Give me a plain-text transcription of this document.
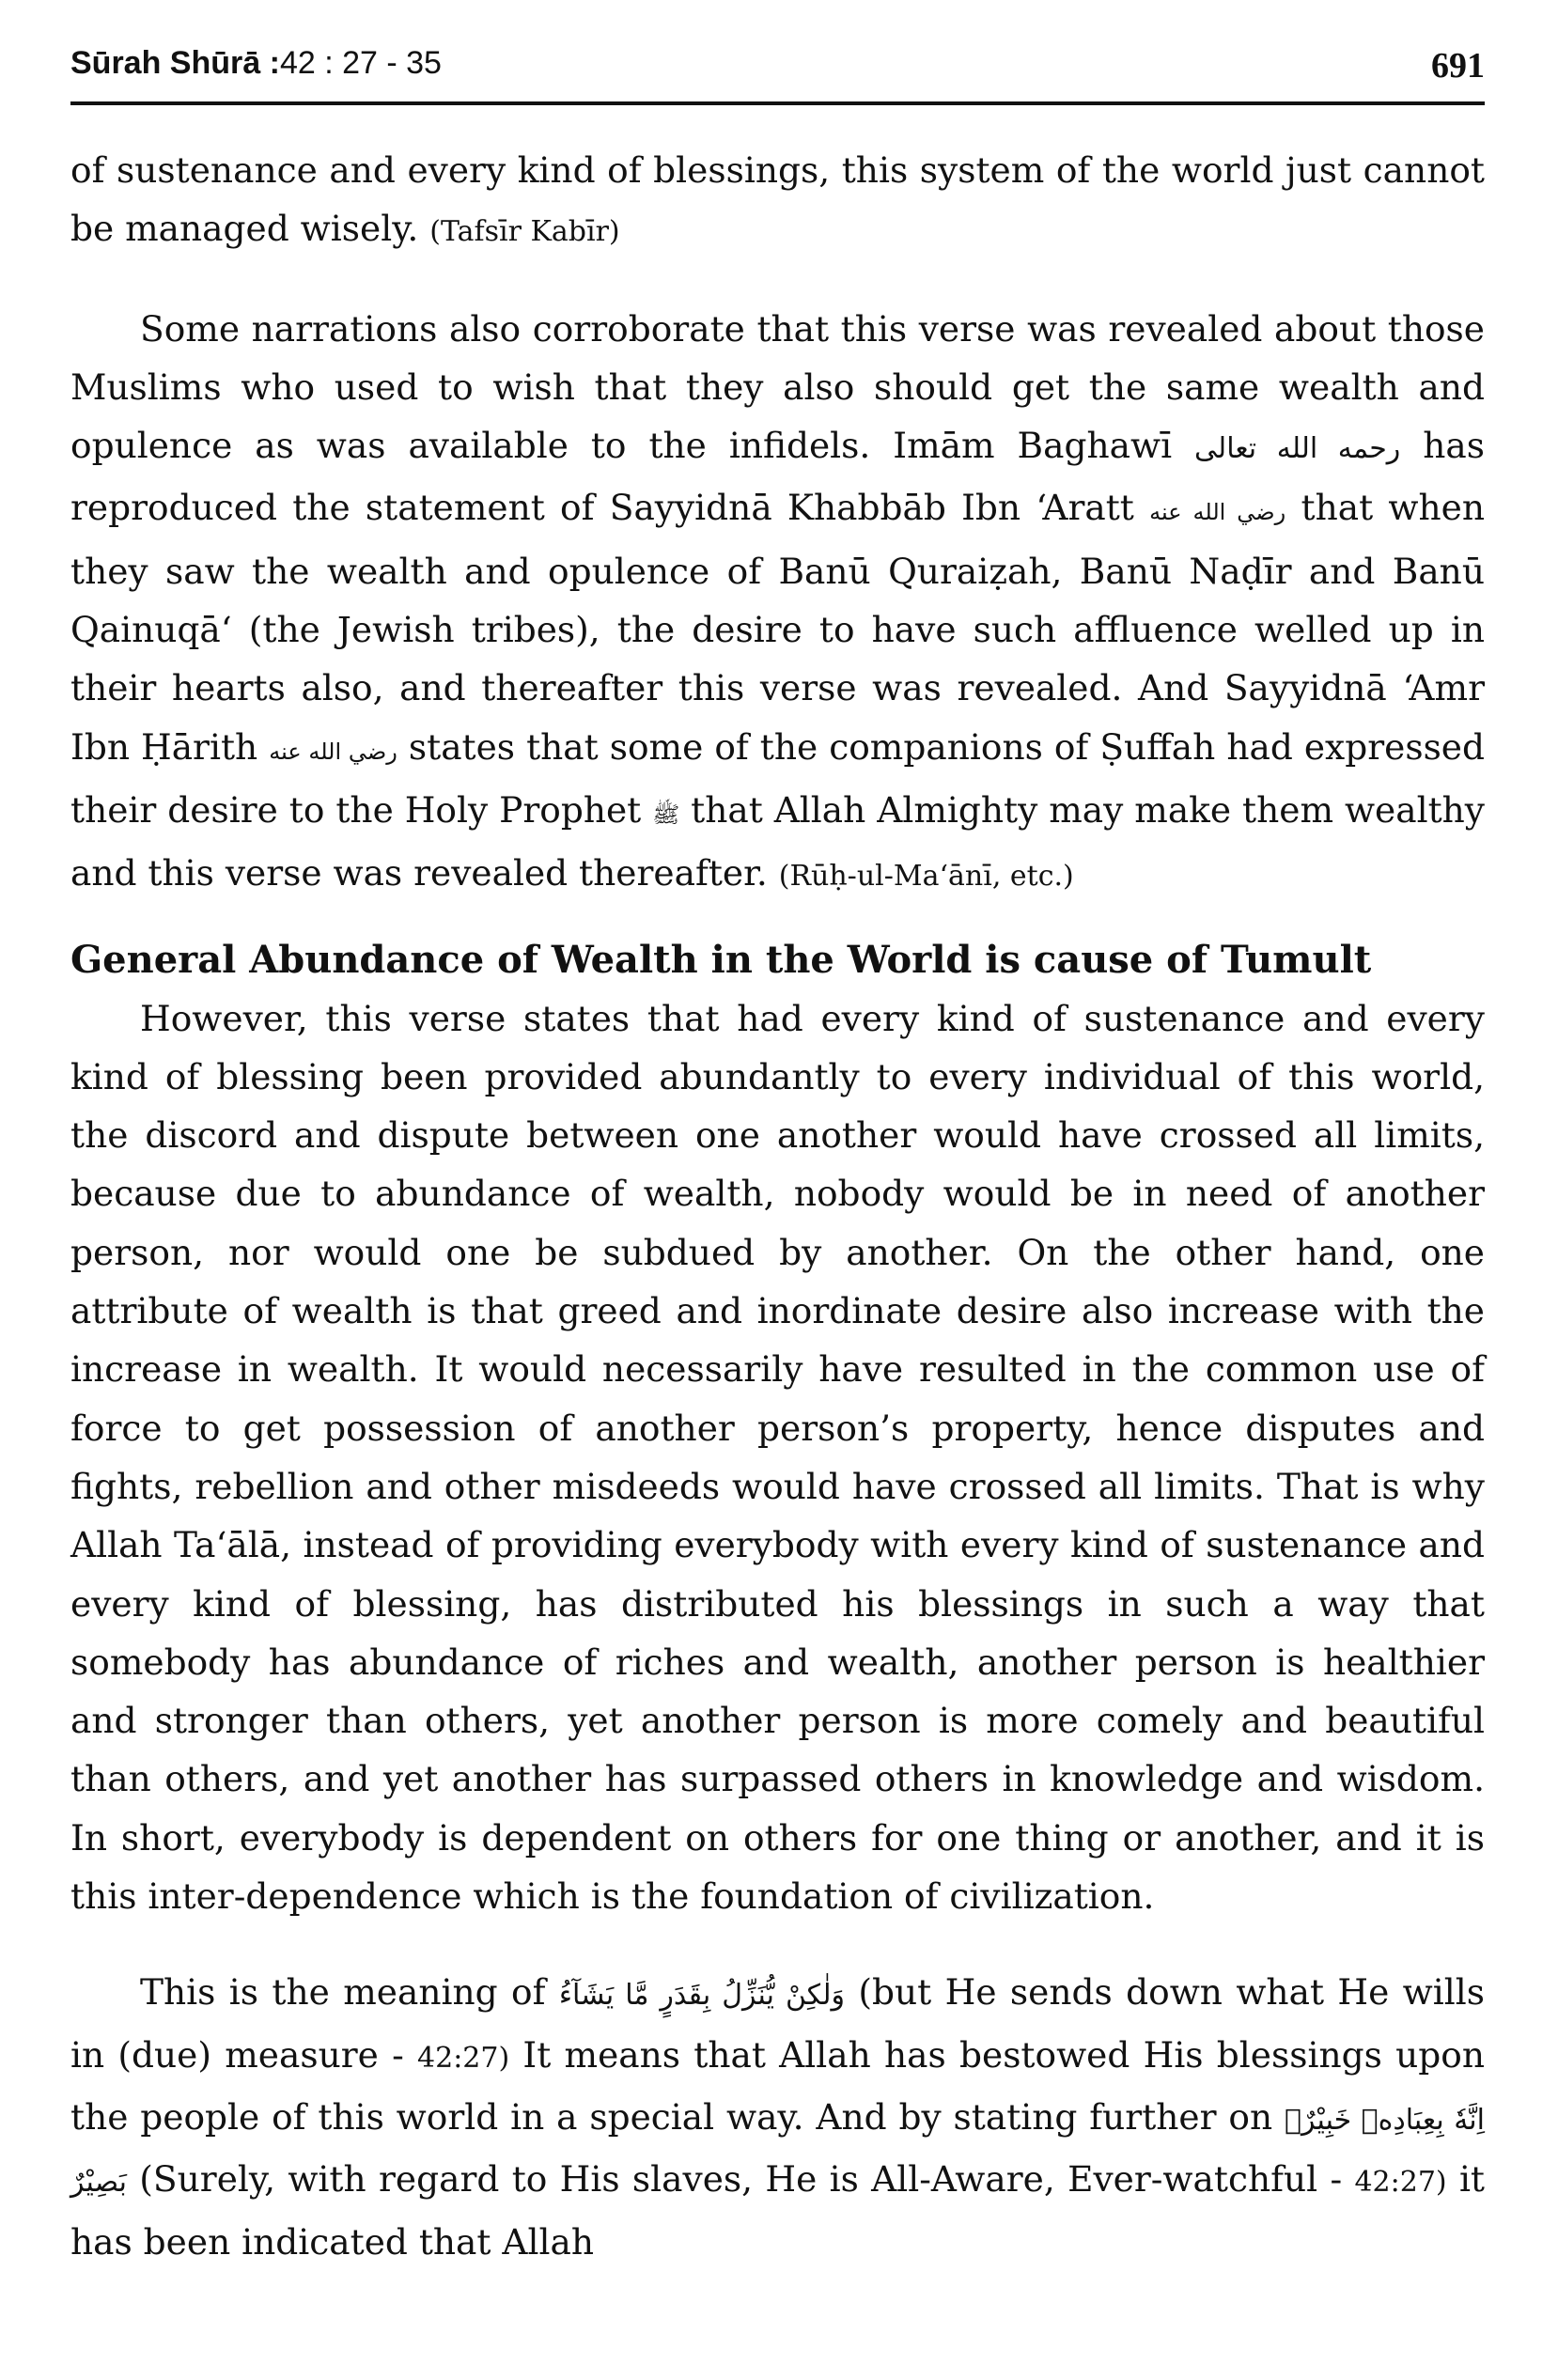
Sūrah Shūrā :42 : 27 - 35	691

of sustenance and every kind of blessings, this system of the world just cannot be managed wisely. (Tafsīr Kabīr)

Some narrations also corroborate that this verse was revealed about those Muslims who used to wish that they also should get the same wealth and opulence as was available to the infidels. Imām Baghawī رحمه الله تعالى has reproduced the statement of Sayyidnā Khabbāb Ibn ‘Aratt رضي الله عنه that when they saw the wealth and opulence of Banū Quraiẓah, Banū Naḍīr and Banū Qainuqā‘ (the Jewish tribes), the desire to have such affluence welled up in their hearts also, and thereafter this verse was revealed. And Sayyidnā ‘Amr Ibn Ḥārith رضي الله عنه states that some of the companions of Ṣuffah had expressed their desire to the Holy Prophet ﷺ that Allah Almighty may make them wealthy and this verse was revealed thereafter. (Rūḥ-ul-Ma‘ānī, etc.)

General Abundance of Wealth in the World is cause of Tumult

However, this verse states that had every kind of sustenance and every kind of blessing been provided abundantly to every individual of this world, the discord and dispute between one another would have crossed all limits, because due to abundance of wealth, nobody would be in need of another person, nor would one be subdued by another. On the other hand, one attribute of wealth is that greed and inordinate desire also increase with the increase in wealth. It would necessarily have resulted in the common use of force to get possession of another person’s property, hence disputes and fights, rebellion and other misdeeds would have crossed all limits. That is why Allah Ta‘ālā, instead of providing everybody with every kind of sustenance and every kind of blessing, has distributed his blessings in such a way that somebody has abundance of riches and wealth, another person is healthier and stronger than others, yet another person is more comely and beautiful than others, and yet another has surpassed others in knowledge and wisdom. In short, everybody is dependent on others for one thing or another, and it is this inter-dependence which is the foundation of civilization.

This is the meaning of وَلٰكِنْ يُّنَزِّلُ بِقَدَرٍ مَّا يَشَآءُ (but He sends down what He wills in (due) measure - 42:27) It means that Allah has bestowed His blessings upon the people of this world in a special way. And by stating further on اِنَّهٗ بِعِبَادِهٖ خَبِيْرٌۢ بَصِيْرٌ (Surely, with regard to His slaves, He is All-Aware, Ever-watchful - 42:27) it has been indicated that Allah
